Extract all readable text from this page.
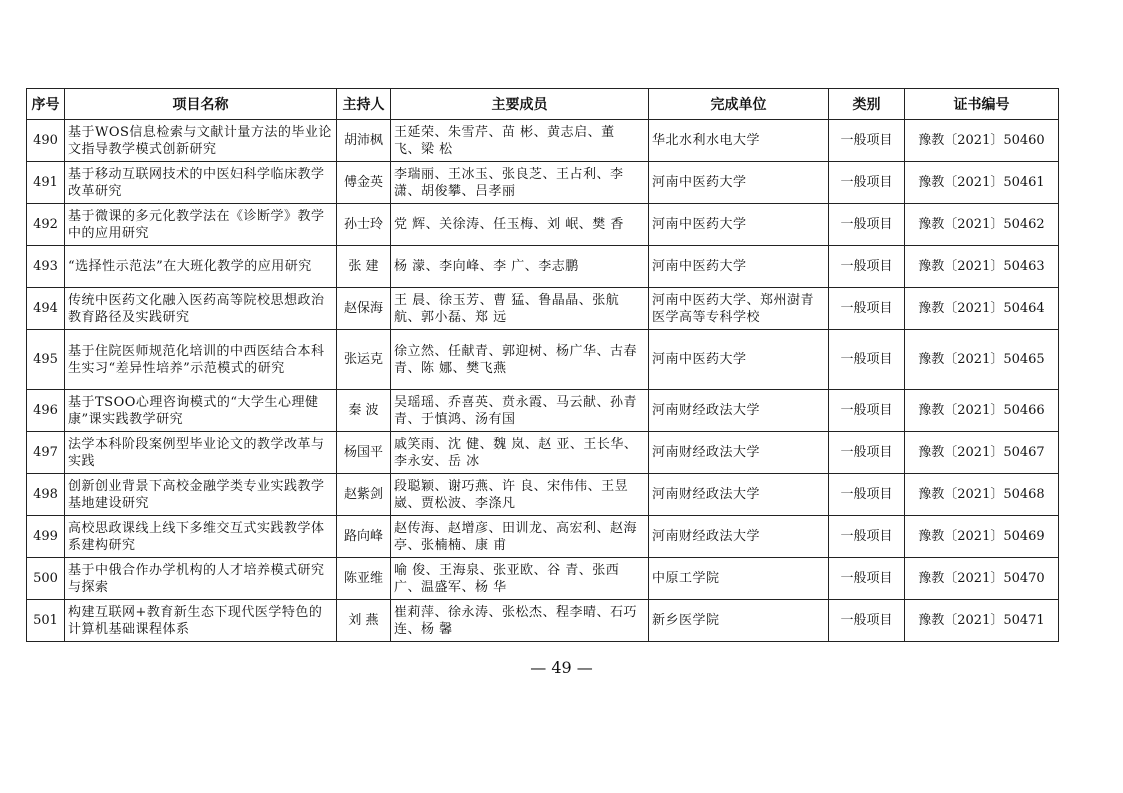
序号	项目名称	主持人	主要成员	完成单位	类别	证书编号
490	基于WOS信息检索与文献计量方法的毕业论文指导教学模式创新研究	胡沛枫	王延荣、朱雪芹、苗 彬、黄志启、董 飞、梁 松	华北水利水电大学	一般项目	豫教〔2021〕50460
491	基于移动互联网技术的中医妇科学临床教学改革研究	傅金英	李瑞丽、王冰玉、张良芝、王占利、李 潇、胡俊攀、吕孝丽	河南中医药大学	一般项目	豫教〔2021〕50461
492	基于微课的多元化教学法在《诊断学》教学中的应用研究	孙士玲	党 辉、关徐涛、任玉梅、刘 岷、樊 香	河南中医药大学	一般项目	豫教〔2021〕50462
493	“选择性示范法”在大班化教学的应用研究	张 建	杨 濛、李向峰、李 广、李志鹏	河南中医药大学	一般项目	豫教〔2021〕50463
494	传统中医药文化融入医药高等院校思想政治教育路径及实践研究	赵保海	王 晨、徐玉芳、曹 猛、鲁晶晶、张航航、郭小磊、郑 远	河南中医药大学、郑州澍青医学高等专科学校	一般项目	豫教〔2021〕50464
495	基于住院医师规范化培训的中西医结合本科生实习“差异性培养”示范模式的研究	张运克	徐立然、任献青、郭迎树、杨广华、古春青、陈 娜、樊飞燕	河南中医药大学	一般项目	豫教〔2021〕50465
496	基于TSOO心理咨询模式的“大学生心理健康”课实践教学研究	秦 波	吴瑶瑶、乔喜英、贲永霞、马云献、孙青青、于慎鸿、汤有国	河南财经政法大学	一般项目	豫教〔2021〕50466
497	法学本科阶段案例型毕业论文的教学改革与实践	杨国平	戚笑雨、沈 健、魏 岚、赵 亚、王长华、李永安、岳 冰	河南财经政法大学	一般项目	豫教〔2021〕50467
498	创新创业背景下高校金融学类专业实践教学基地建设研究	赵紫剑	段聪颖、谢巧燕、许 良、宋伟伟、王昱崴、贾松波、李涤凡	河南财经政法大学	一般项目	豫教〔2021〕50468
499	高校思政课线上线下多维交互式实践教学体系建构研究	路向峰	赵传海、赵增彦、田训龙、高宏利、赵海亭、张楠楠、康 甫	河南财经政法大学	一般项目	豫教〔2021〕50469
500	基于中俄合作办学机构的人才培养模式研究与探索	陈亚维	喻 俊、王海泉、张亚欧、谷 青、张西广、温盛军、杨 华	中原工学院	一般项目	豫教〔2021〕50470
501	构建互联网+教育新生态下现代医学特色的计算机基础课程体系	刘 燕	崔莉萍、徐永涛、张松杰、程李晴、石巧连、杨 馨	新乡医学院	一般项目	豫教〔2021〕50471
— 49 —
